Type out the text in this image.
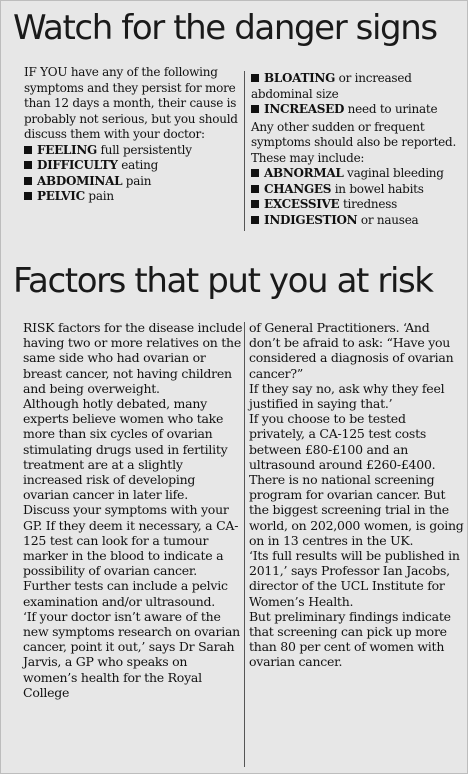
Watch for the danger signs

IF YOU have any of the following symptoms and they persist for more than 12 days a month, their cause is probably not serious, but you should discuss them with your doctor:

FEELING full persistently
DIFFICULTY eating
ABDOMINAL pain
PELVIC pain
BLOATING or increased
abdominal size
INCREASED need to urinate

Any other sudden or frequent symptoms should also be reported. These may include:

ABNORMAL vaginal bleeding
CHANGES in bowel habits
EXCESSIVE tiredness
INDIGESTION or nausea
Factors that put you at risk

RISK factors for the disease include having two or more relatives on the same side who had ovarian or breast cancer, not having children and being overweight.

Although hotly debated, many experts believe women who take more than six cycles of ovarian stimulating drugs used in fertility treatment are at a slightly increased risk of developing ovarian cancer in later life.

Discuss your symptoms with your GP. If they deem it necessary, a CA-125 test can look for a tumour marker in the blood to indicate a possibility of ovarian cancer. Further tests can include a pelvic examination and/or ultrasound.

‘If your doctor isn’t aware of the new symptoms research on ovarian cancer, point it out,’ says Dr Sarah Jarvis, a GP who speaks on women’s health for the Royal College

of General Practitioners. ‘And don’t be afraid to ask: “Have you considered a diagnosis of ovarian cancer?”

If they say no, ask why they feel justified in saying that.’

If you choose to be tested privately, a CA-125 test costs between £80-£100 and an ultrasound around £260-£400. There is no national screening program for ovarian cancer. But the biggest screening trial in the world, on 202,000 women, is going on in 13 centres in the UK.

‘Its full results will be published in 2011,’ says Professor Ian Jacobs, director of the UCL Institute for Women’s Health.

But preliminary findings indicate that screening can pick up more than 80 per cent of women with ovarian cancer.
